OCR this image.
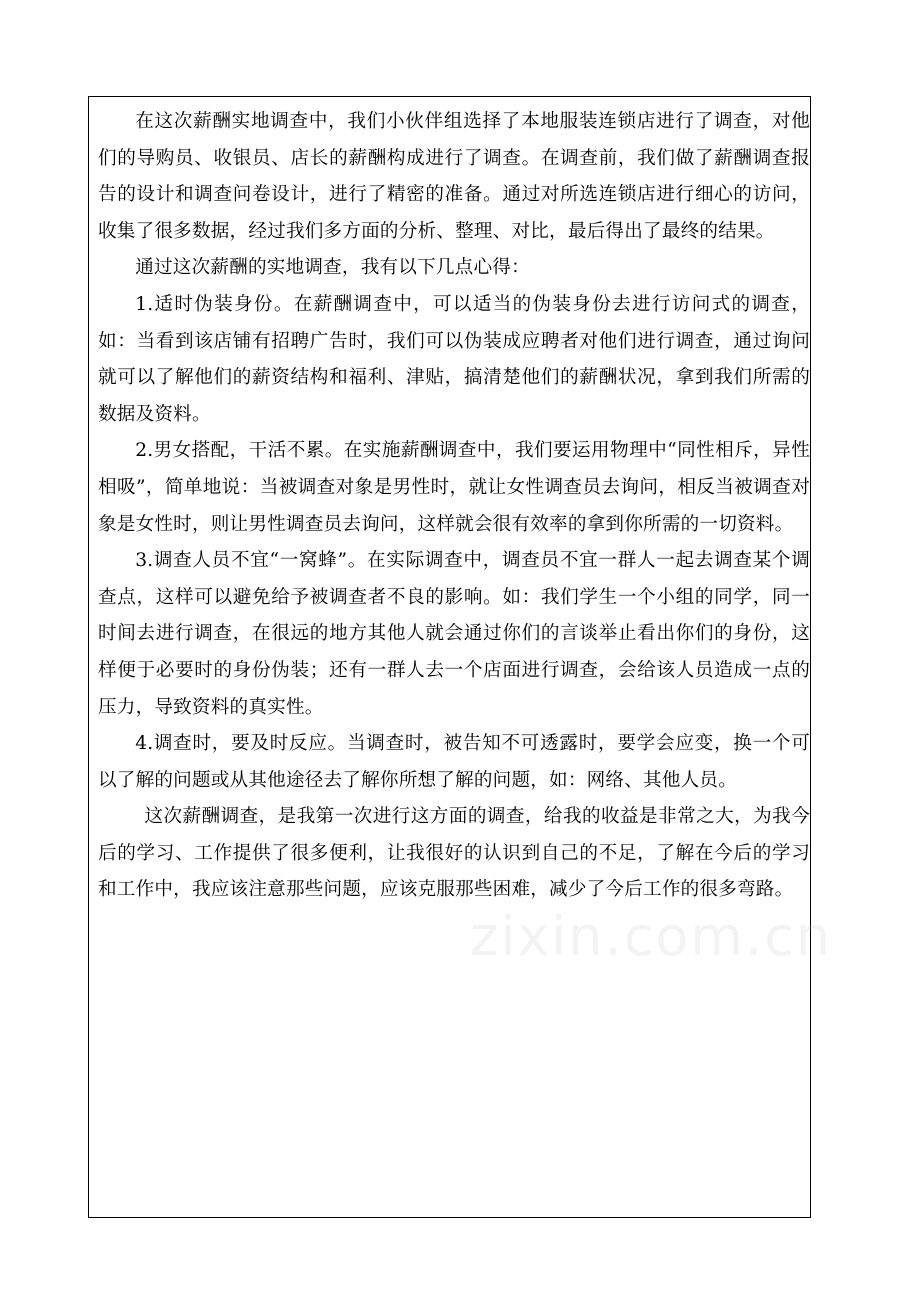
在这次薪酬实地调查中，我们小伙伴组选择了本地服装连锁店进行了调查，对他们的导购员、收银员、店长的薪酬构成进行了调查。在调查前，我们做了薪酬调查报告的设计和调查问卷设计，进行了精密的准备。通过对所选连锁店进行细心的访问，收集了很多数据，经过我们多方面的分析、整理、对比，最后得出了最终的结果。

通过这次薪酬的实地调查，我有以下几点心得：

1.适时伪装身份。在薪酬调查中，可以适当的伪装身份去进行访问式的调查，如：当看到该店铺有招聘广告时，我们可以伪装成应聘者对他们进行调查，通过询问就可以了解他们的薪资结构和福利、津贴，搞清楚他们的薪酬状况，拿到我们所需的数据及资料。

2.男女搭配，干活不累。在实施薪酬调查中，我们要运用物理中“同性相斥，异性相吸”，简单地说：当被调查对象是男性时，就让女性调查员去询问，相反当被调查对象是女性时，则让男性调查员去询问，这样就会很有效率的拿到你所需的一切资料。

3.调查人员不宜“一窝蜂”。在实际调查中，调查员不宜一群人一起去调查某个调查点，这样可以避免给予被调查者不良的影响。如：我们学生一个小组的同学，同一时间去进行调查，在很远的地方其他人就会通过你们的言谈举止看出你们的身份，这样便于必要时的身份伪装；还有一群人去一个店面进行调查，会给该人员造成一点的压力，导致资料的真实性。

4.调查时，要及时反应。当调查时，被告知不可透露时，要学会应变，换一个可以了解的问题或从其他途径去了解你所想了解的问题，如：网络、其他人员。

这次薪酬调查，是我第一次进行这方面的调查，给我的收益是非常之大，为我今后的学习、工作提供了很多便利，让我很好的认识到自己的不足，了解在今后的学习和工作中，我应该注意那些问题，应该克服那些困难，减少了今后工作的很多弯路。

zixin.com.cn
